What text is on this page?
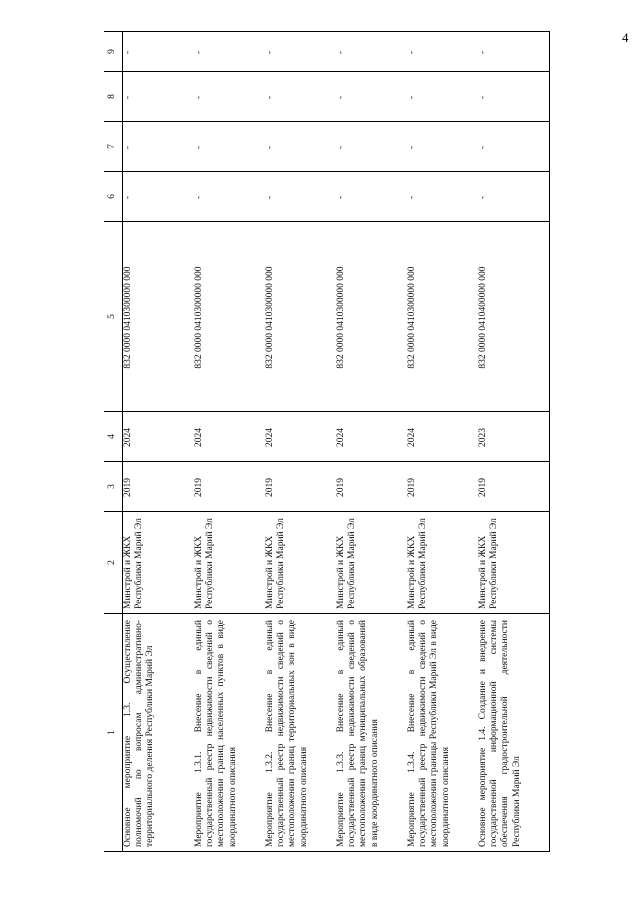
4
1	2	3	4	5	6	7	8	9
Основное мероприятие 1.3. Осуществление полномочий по вопросам административно-территориального деления Республики Марий Эл	Минстрой и ЖКХ Республики Марий Эл	2019	2024	832 0000 0410300000 000	-	-	-	-
Мероприятие 1.3.1. Внесение в единый государственный реестр недвижимости сведений о местоположении границ населенных пунктов в виде координатного описания	Минстрой и ЖКХ Республики Марий Эл	2019	2024	832 0000 0410300000 000	-	-	-	-
Мероприятие 1.3.2. Внесение в единый государственный реестр недвижимости сведений о местоположении границ территориальных зон в виде координатного описания	Минстрой и ЖКХ Республики Марий Эл	2019	2024	832 0000 0410300000 000	-	-	-	-
Мероприятие 1.3.3. Внесение в единый государственный реестр недвижимости сведений о местоположении границ муниципальных образований в виде координатного описания	Минстрой и ЖКХ Республики Марий Эл	2019	2024	832 0000 0410300000 000	-	-	-	-
Мероприятие 1.3.4. Внесение в единый государственный реестр недвижимости сведений о местоположении границы Республики Марий Эл в виде координатного описания	Минстрой и ЖКХ Республики Марий Эл	2019	2024	832 0000 0410300000 000	-	-	-	-
Основное мероприятие 1.4. Создание и внедрение государственной информационной системы обеспечения градостроительной деятельности Республики Марий Эл	Минстрой и ЖКХ Республики Марий Эл	2019	2023	832 0000 0410400000 000	-	-	-	-
